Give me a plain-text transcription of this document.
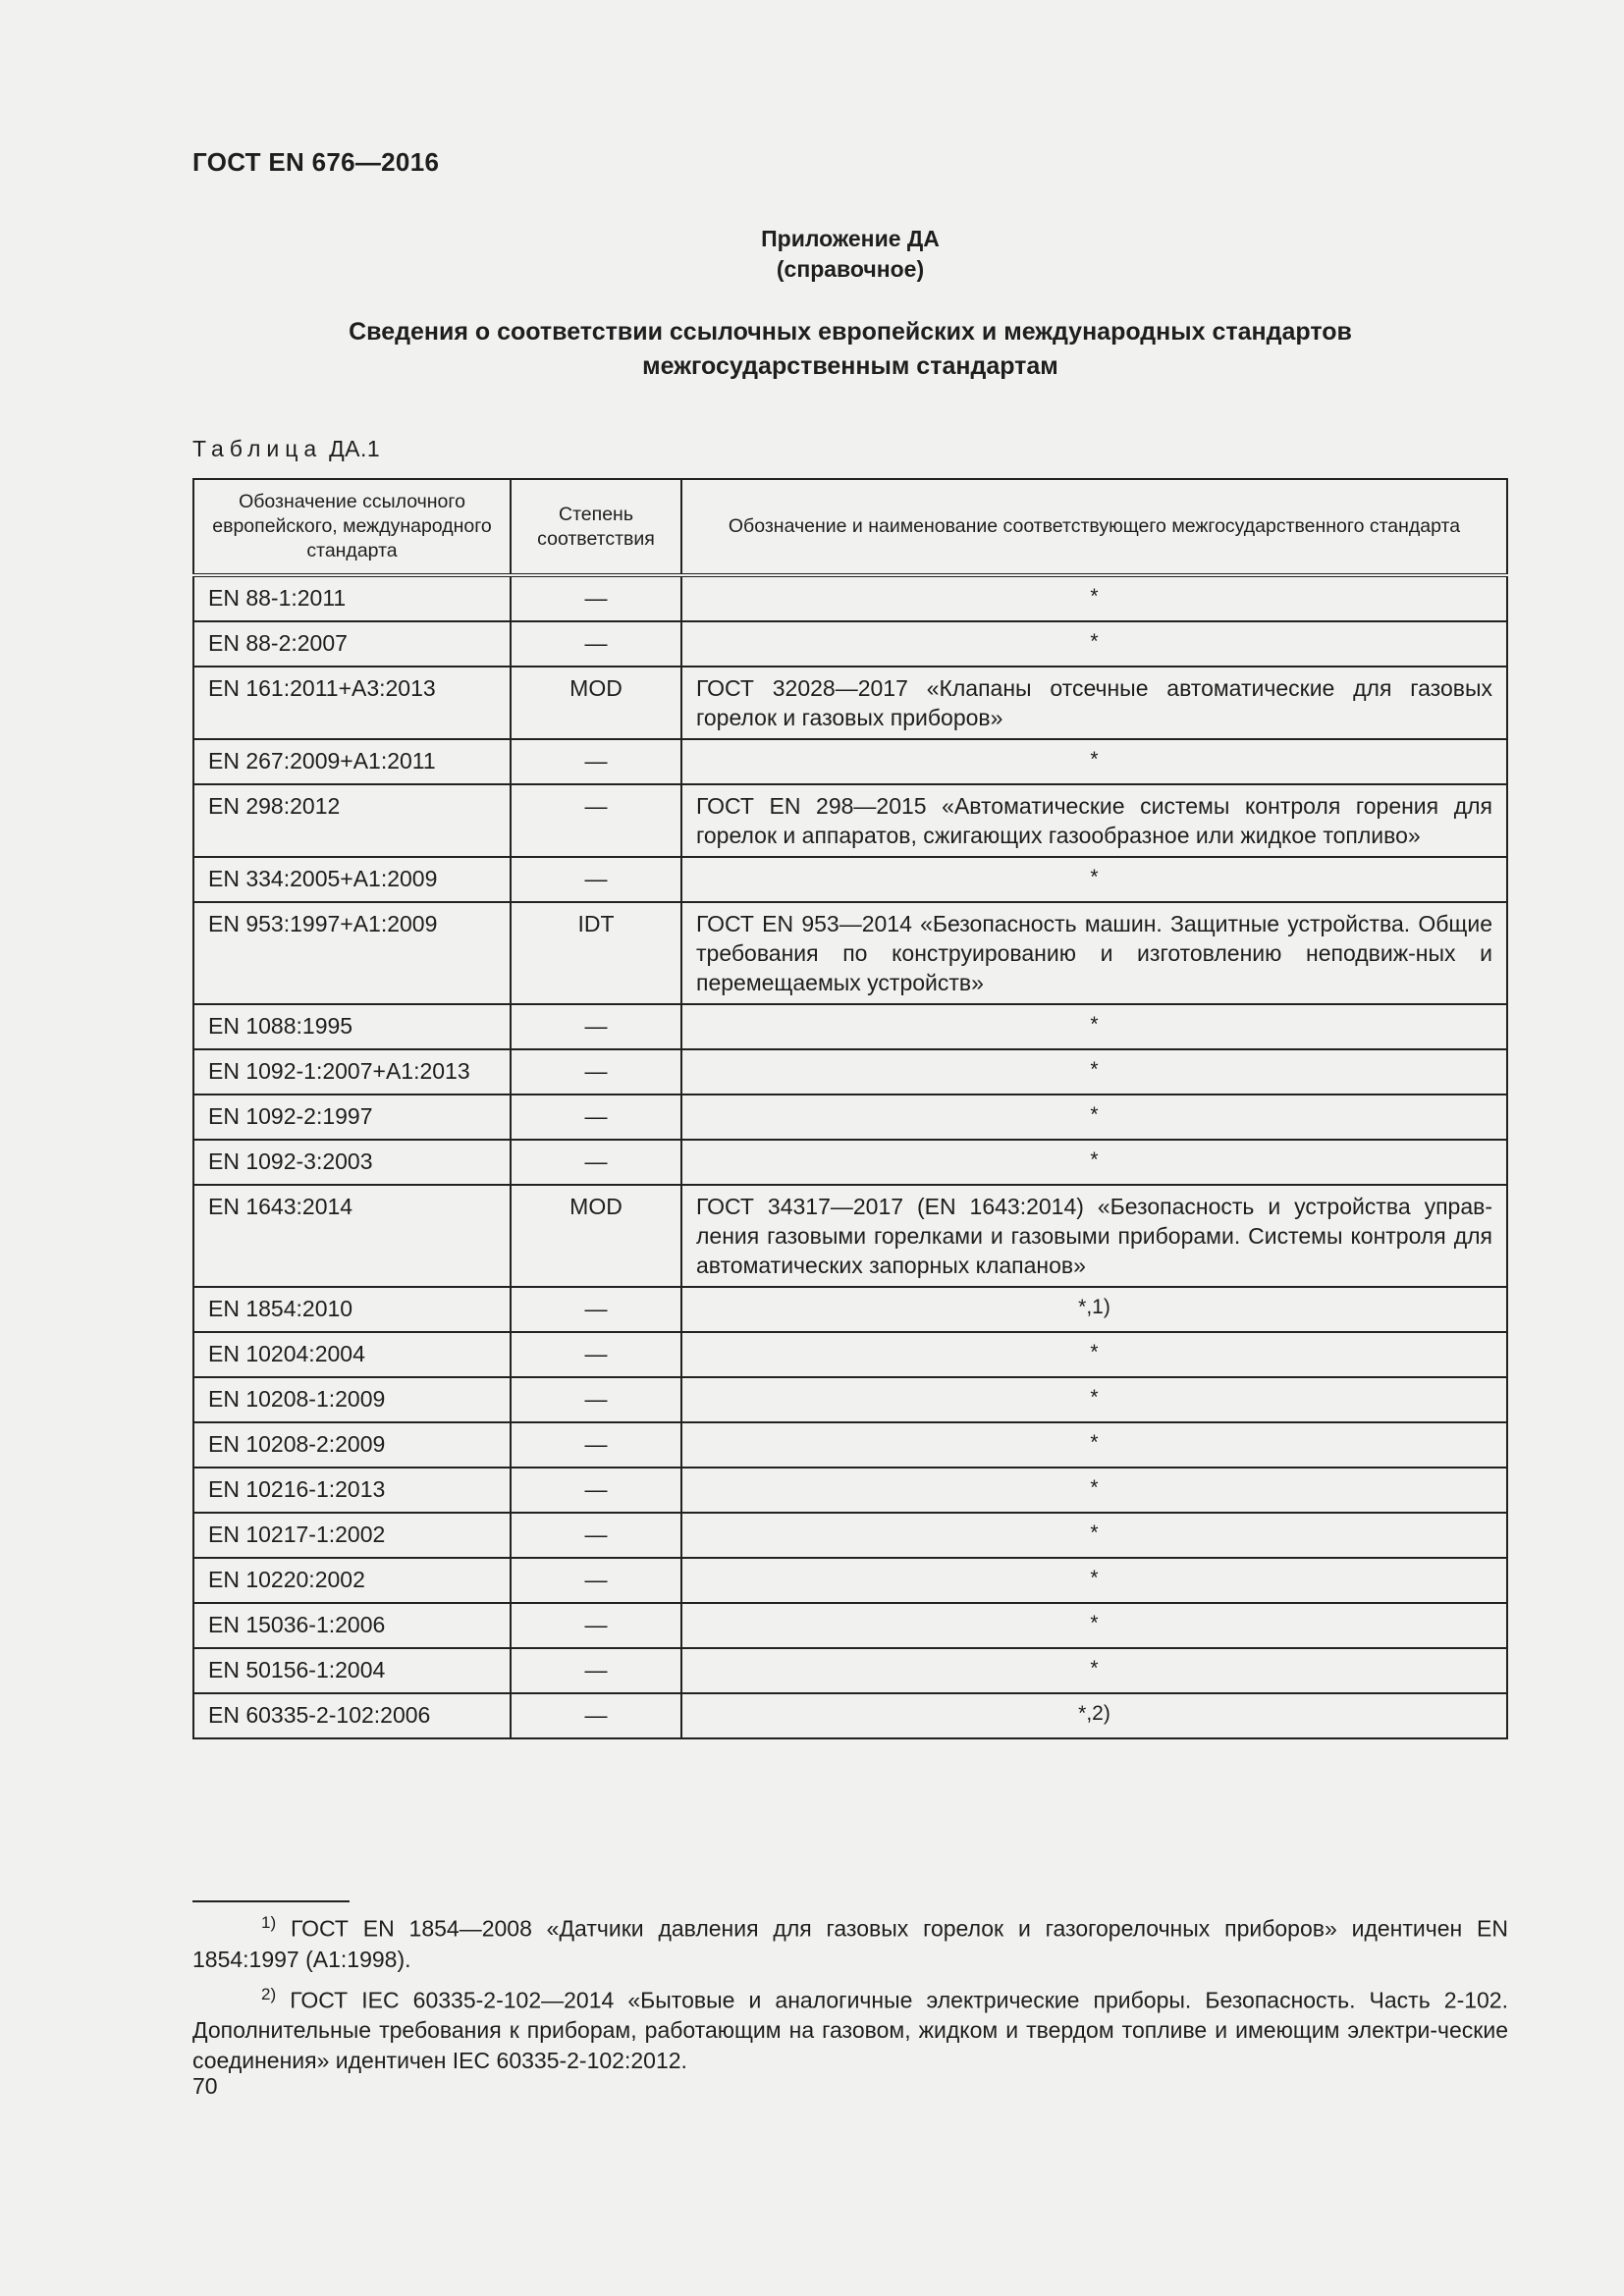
ГОСТ EN 676—2016
Приложение ДА
(справочное)
Сведения о соответствии ссылочных европейских и международных стандартов
межгосударственным стандартам
Таблица ДА.1
Обозначение ссылочного европейского, международного стандарта	Степень соответствия	Обозначение и наименование соответствующего межгосударственного стандарта
EN 88-1:2011	—	*
EN 88-2:2007	—	*
EN 161:2011+A3:2013	MOD	ГОСТ 32028—2017 «Клапаны отсечные автоматические для газовых горелок и газовых приборов»
EN 267:2009+A1:2011	—	*
EN 298:2012	—	ГОСТ EN 298—2015 «Автоматические системы контроля горения для горелок и аппаратов, сжигающих газообразное или жидкое топливо»
EN 334:2005+A1:2009	—	*
EN 953:1997+A1:2009	IDT	ГОСТ EN 953—2014 «Безопасность машин. Защитные устройства. Общие требования по конструированию и изготовлению неподвиж-ных и перемещаемых устройств»
EN 1088:1995	—	*
EN 1092-1:2007+A1:2013	—	*
EN 1092-2:1997	—	*
EN 1092-3:2003	—	*
EN 1643:2014	MOD	ГОСТ 34317—2017 (EN 1643:2014) «Безопасность и устройства управ-ления газовыми горелками и газовыми приборами. Системы контроля для автоматических запорных клапанов»
EN 1854:2010	—	*,1)
EN 10204:2004	—	*
EN 10208-1:2009	—	*
EN 10208-2:2009	—	*
EN 10216-1:2013	—	*
EN 10217-1:2002	—	*
EN 10220:2002	—	*
EN 15036-1:2006	—	*
EN 50156-1:2004	—	*
EN 60335-2-102:2006	—	*,2)

$^{1)}$ ГОСТ EN 1854—2008 «Датчики давления для газовых горелок и газогорелочных приборов» идентичен EN 1854:1997 (A1:1998).

$^{2)}$ ГОСТ IEC 60335-2-102—2014 «Бытовые и аналогичные электрические приборы. Безопасность. Часть 2-102. Дополнительные требования к приборам, работающим на газовом, жидком и твердом топливе и имеющим электри-ческие соединения» идентичен IEC 60335-2-102:2012.

70
